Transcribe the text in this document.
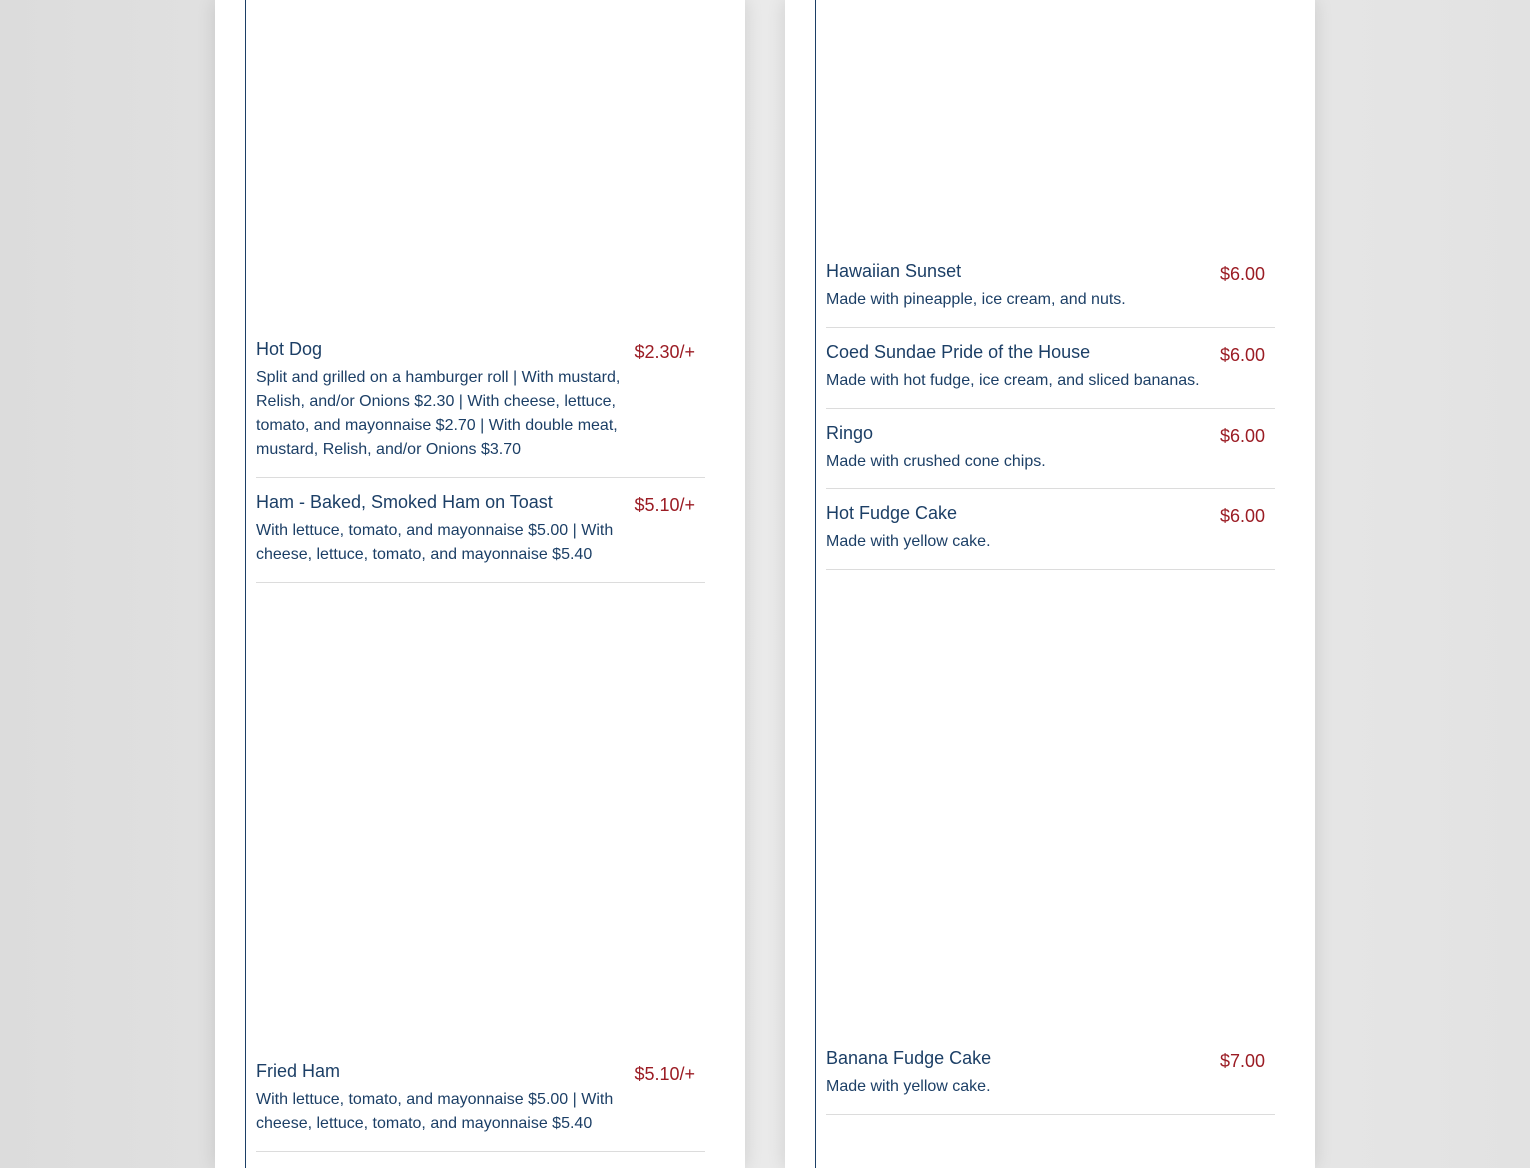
Hot Dog	$2.30/+
Split and grilled on a hamburger roll | With mustard, Relish, and/or Onions $2.30 | With cheese, lettuce, tomato, and mayonnaise $2.70 | With double meat, mustard, Relish, and/or Onions $3.70
Ham - Baked, Smoked Ham on Toast	$5.10/+
With lettuce, tomato, and mayonnaise $5.00 | With cheese, lettuce, tomato, and mayonnaise $5.40
Fried Ham	$5.10/+
With lettuce, tomato, and mayonnaise $5.00 | With cheese, lettuce, tomato, and mayonnaise $5.40
Hawaiian Sunset	$6.00
Made with pineapple, ice cream, and nuts.
Coed Sundae Pride of the House	$6.00
Made with hot fudge, ice cream, and sliced bananas.
Ringo	$6.00
Made with crushed cone chips.
Hot Fudge Cake	$6.00
Made with yellow cake.
Banana Fudge Cake	$7.00
Made with yellow cake.
